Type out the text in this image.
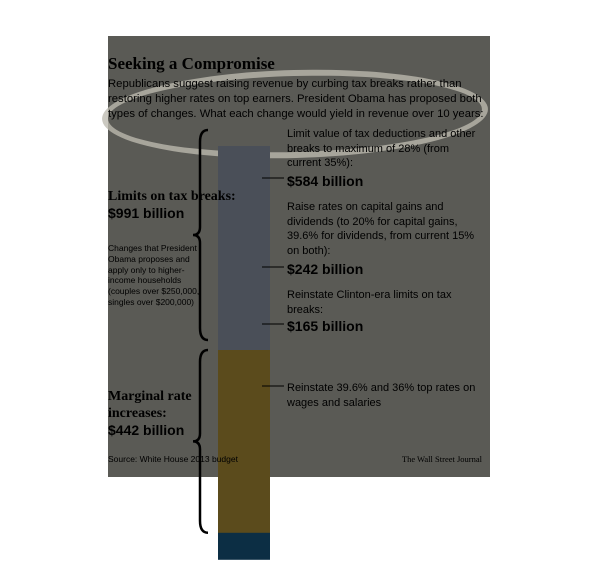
Seeking a Compromise

Republicans suggest raising revenue by curbing tax breaks rather than restoring higher rates on top earners. President Obama has proposed both types of changes. What each change would yield in revenue over 10 years:

Limits on tax breaks:
$991 billion

Changes that President Obama proposes and apply only to higher-income households (couples over $250,000, singles over $200,000)

Marginal rate increases:
$442 billion

Limit value of tax deductions and other breaks to maximum of 28% (from current 35%):

$584 billion

Raise rates on capital gains and dividends (to 20% for capital gains, 39.6% for dividends, from current 15% on both):

$242 billion

Reinstate Clinton-era limits on tax breaks:

$165 billion

Reinstate 39.6% and 36% top rates on wages and salaries

Source: White House 2013 budget	The Wall Street Journal
